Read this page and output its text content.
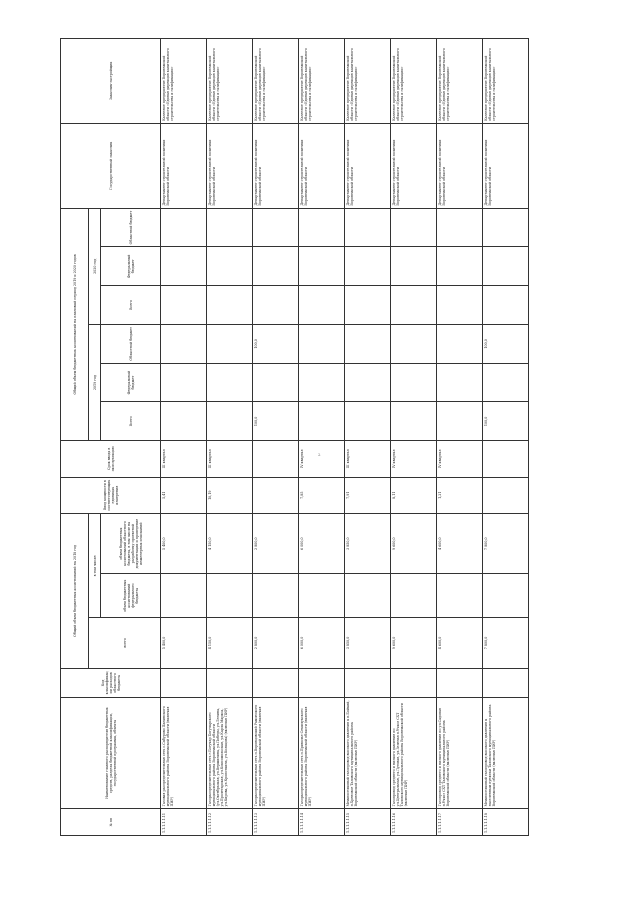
2
№ пп	Наименование главного распорядителя бюджетных средств, раздела бюджетной классификации, государственной программы, объекта	Код классификации расходов областного бюджета	Общий объем бюджетных ассигнований на 2018 год			Ввод мощности в соответствующих единицах измерения	Срок ввода в эксплуатацию	Общий объем бюджетных ассигнований на плановый период 2019 и 2020 годов						Государственный заказчик	Заказчик-застройщик
			всего	в том числе:				2019 год			2020 год				
				объем бюджетных ассигнований федерального бюджета	объем бюджетных ассигнований областного бюджета, в том числе на разработку проектной документации и проведение инженерных изысканий			Всего	Федеральный бюджет	Областной бюджет	Всего	Федеральный бюджет	Областной бюджет		
1.1.1.1.1.11	Газовая распределительная сеть с.Сабурово Панинского муниципального района Воронежской области (включая ПИР)		5 400,0		5 400,0	5,41	III квартал							Департамент строительной политики Воронежской области	Казенное предприятие Воронежской области «Единая дирекция капитального строительства и газификации»
1.1.1.1.1.12	Газораспределительная сеть г.Богучар Богучарского муниципального района Воронежской области (ул.Октябрьская, ул.Вершинина, ул.Победы, ул.Ленина, ул.Пролетарская, ул.Комсомольская, ул.Карла Маркса, ул.Кирова, ул.Кропоткина, ул.Кольцова) (включая ПИР)		4 150,0		4 150,0	10,19	III квартал							Департамент строительной политики Воронежской области	Казенное предприятие Воронежской области «Единая дирекция капитального строительства и газификации»
1.1.1.1.1.13	Газораспределительная сеть п.Воронцовский Рамонского муниципального района Воронежской области (включая ПИР)		2 800,0		2 800,0			100,0		100,0				Департамент строительной политики Воронежской области	Казенное предприятие Воронежской области «Единая дирекция капитального строительства и газификации»
1.1.1.1.1.14	Газораспределительная сеть п.Приволье Семилукского муниципального района Воронежской области (включая ПИР)		6 000,0		6 000,0	7,85	IV квартал							Департамент строительной политики Воронежской области	Казенное предприятие Воронежской области «Единая дирекция капитального строительства и газификации»
1.1.1.1.1.15	Межпоселковый газопровод высокого давления к п.Бойкий, п.Хреновое Таловского муниципального района Воронежской области (включая ПИР)		3 850,0		3 850,0	7,91	III квартал							Департамент строительной политики Воронежской области	Казенное предприятие Воронежской области «Единая дирекция капитального строительства и газификации»
1.1.1.1.1.16	Газопровод среднего и низкого давления по ул.Центральная, ул.Луговая, ул.Зеленая п.Учхоз СХТ Таловского муниципального района Воронежской области (включая ПИР)		9 600,0		9 600,0	8,11	IV квартал							Департамент строительной политики Воронежской области	Казенное предприятие Воронежской области «Единая дирекция капитального строительства и газификации»
1.1.1.1.1.17	Газопровод среднего и низкого давления по ул.Садовая п.Учхоз СХТ Таловского муниципального района Воронежской области (включая ПИР)		4 600,0		4 600,0	1,21	IV квартал							Департамент строительной политики Воронежской области	Казенное предприятие Воронежской области «Единая дирекция капитального строительства и газификации»
1.1.1.1.1.18	Межпоселковый газопровод высокого давления к населенным пунктам Таловского муниципального района Воронежской области (включая ПИР)		7 800,0		7 800,0			100,0		100,0				Департамент строительной политики Воронежской области	Казенное предприятие Воронежской области «Единая дирекция капитального строительства и газификации»
